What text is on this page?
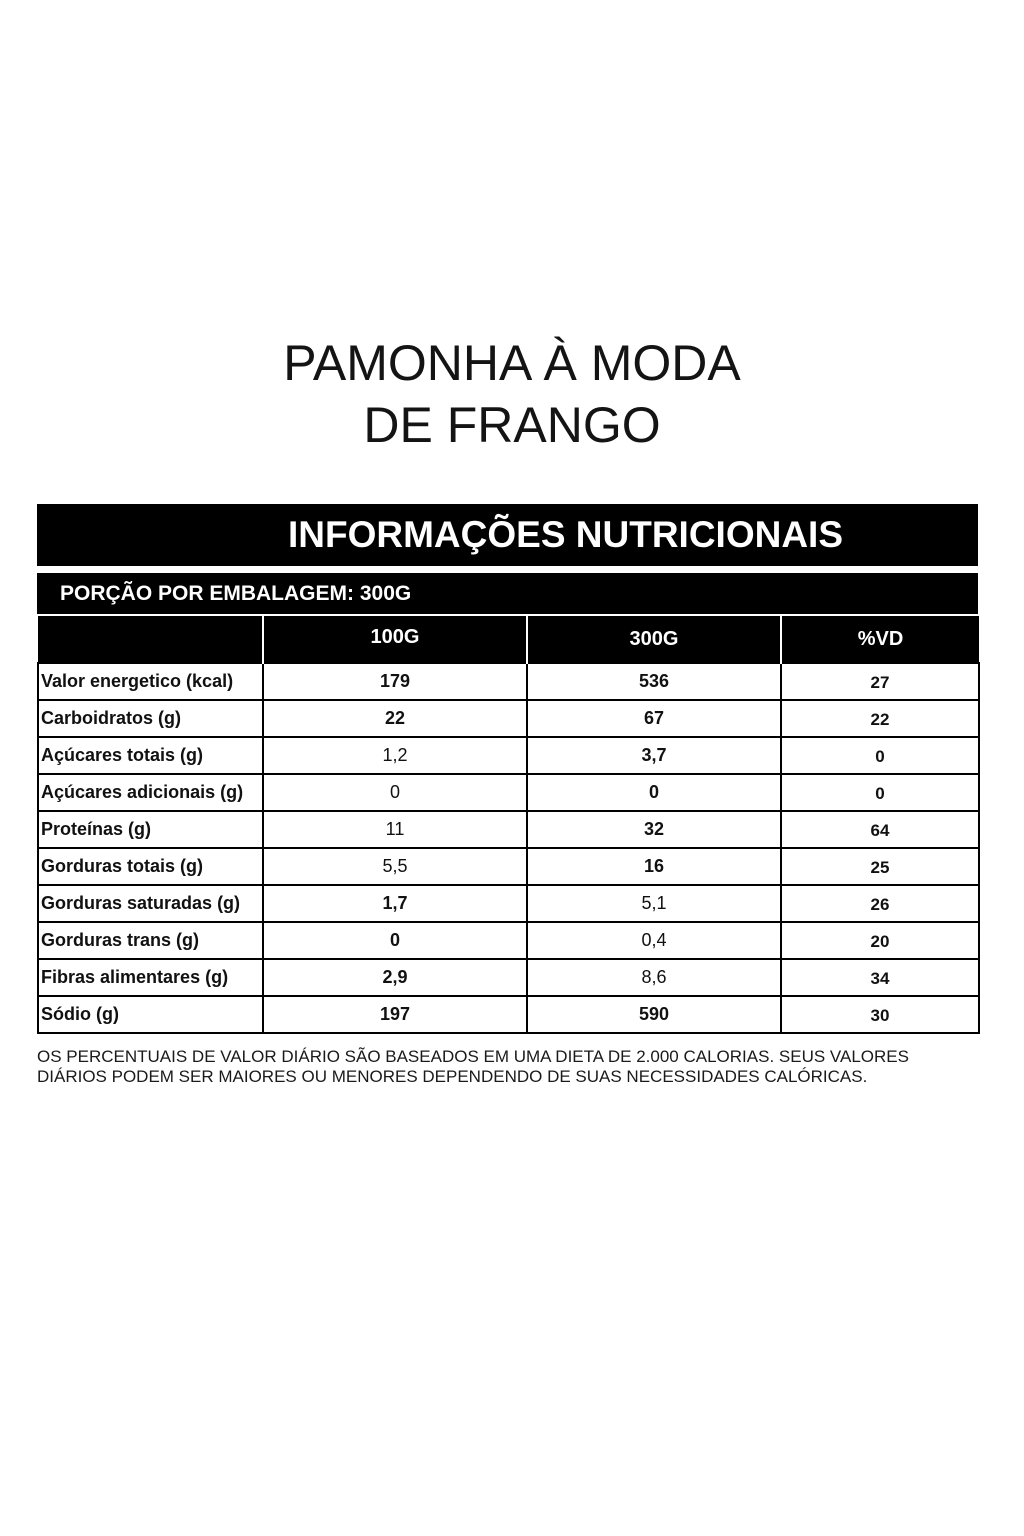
PAMONHA À MODA
DE FRANGO
INFORMAÇÕES NUTRICIONAIS
PORÇÃO POR EMBALAGEM: 300G
	100G	300G	%VD
Valor energetico (kcal)	179	536	27
Carboidratos (g)	22	67	22
Açúcares totais (g)	1,2	3,7	0
Açúcares adicionais (g)	0	0	0
Proteínas (g)	11	32	64
Gorduras totais (g)	5,5	16	25
Gorduras saturadas (g)	1,7	5,1	26
Gorduras trans (g)	0	0,4	20
Fibras alimentares (g)	2,9	8,6	34
Sódio (g)	197	590	30
OS PERCENTUAIS DE VALOR DIÁRIO SÃO BASEADOS EM UMA DIETA DE 2.000 CALORIAS. SEUS VALORES DIÁRIOS PODEM SER MAIORES OU MENORES DEPENDENDO DE SUAS NECESSIDADES CALÓRICAS.
